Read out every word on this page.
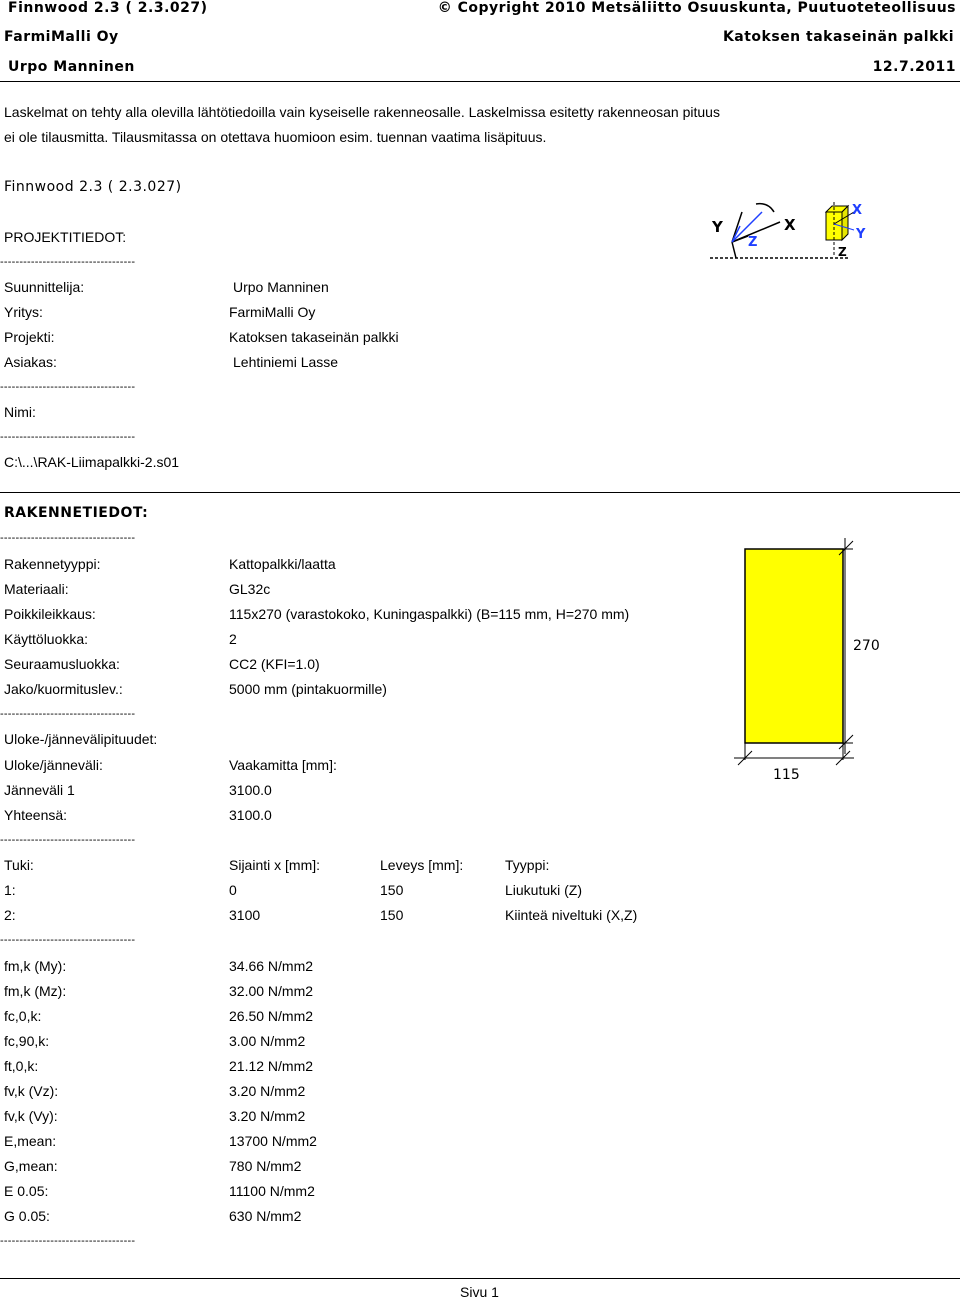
Finnwood 2.3 ( 2.3.027)	© Copyright 2010 Metsäliitto Osuuskunta, Puutuoteteollisuus
FarmiMalli Oy	Katoksen takaseinän palkki
Urpo Manninen	12.7.2011
Laskelmat on tehty alla olevilla lähtötiedoilla vain kyseiselle rakenneosalle. Laskelmissa esitetty rakenneosan pituus
ei ole tilausmitta. Tilausmitassa on otettava huomioon esim. tuennan vaatima lisäpituus.
Finnwood 2.3 ( 2.3.027)
PROJEKTITIEDOT:
-----------------------------------
Suunnittelija:	Urpo Manninen
Yritys:	FarmiMalli Oy
Projekti:	Katoksen takaseinän palkki
Asiakas:	Lehtiniemi Lasse
-----------------------------------
Nimi:
-----------------------------------
C:\...\RAK-Liimapalkki-2.s01
Y	X
Z
X
Y
Z
RAKENNETIEDOT:
-----------------------------------
Rakennetyyppi:	Kattopalkki/laatta
Materiaali:	GL32c
Poikkileikkaus:	115x270 (varastokoko, Kuningaspalkki) (B=115 mm, H=270 mm)
Käyttöluokka:	2
Seuraamusluokka:	CC2 (KFI=1.0)
Jako/kuormituslev.:	5000 mm (pintakuormille)
270
115
-----------------------------------
Uloke-/jännevälipituudet:
Uloke/jänneväli:	Vaakamitta [mm]:
Jänneväli 1	3100.0
Yhteensä:	3100.0
-----------------------------------
Tuki:	Sijainti x [mm]:	Leveys [mm]:	Tyyppi:
1:	0	150	Liukutuki (Z)
2:	3100	150	Kiinteä niveltuki (X,Z)
-----------------------------------
fm,k (My):	34.66 N/mm2
fm,k (Mz):	32.00 N/mm2
fc,0,k:	26.50 N/mm2
fc,90,k:	3.00 N/mm2
ft,0,k:	21.12 N/mm2
fv,k (Vz):	3.20 N/mm2
fv,k (Vy):	3.20 N/mm2
E,mean:	13700 N/mm2
G,mean:	780 N/mm2
E 0.05:	11100 N/mm2
G 0.05:	630 N/mm2
-----------------------------------
Sivu 1
